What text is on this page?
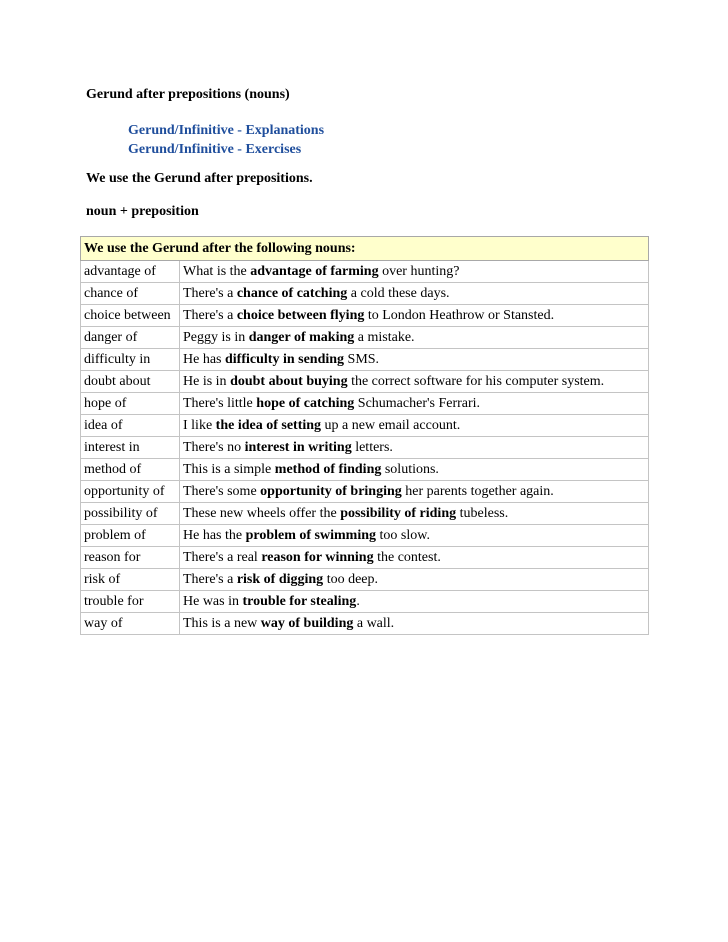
Gerund after prepositions (nouns)
Gerund/Infinitive - Explanations
Gerund/Infinitive - Exercises
We use the Gerund after prepositions.
noun + preposition
We use the Gerund after the following nouns:	
advantage of	What is the advantage of farming over hunting?
chance of	There's a chance of catching a cold these days.
choice between	There's a choice between flying to London Heathrow or Stansted.
danger of	Peggy is in danger of making a mistake.
difficulty in	He has difficulty in sending SMS.
doubt about	He is in doubt about buying the correct software for his computer system.
hope of	There's little hope of catching Schumacher's Ferrari.
idea of	I like the idea of setting up a new email account.
interest in	There's no interest in writing letters.
method of	This is a simple method of finding solutions.
opportunity of	There's some opportunity of bringing her parents together again.
possibility of	These new wheels offer the possibility of riding tubeless.
problem of	He has the problem of swimming too slow.
reason for	There's a real reason for winning the contest.
risk of	There's a risk of digging too deep.
trouble for	He was in trouble for stealing.
way of	This is a new way of building a wall.
